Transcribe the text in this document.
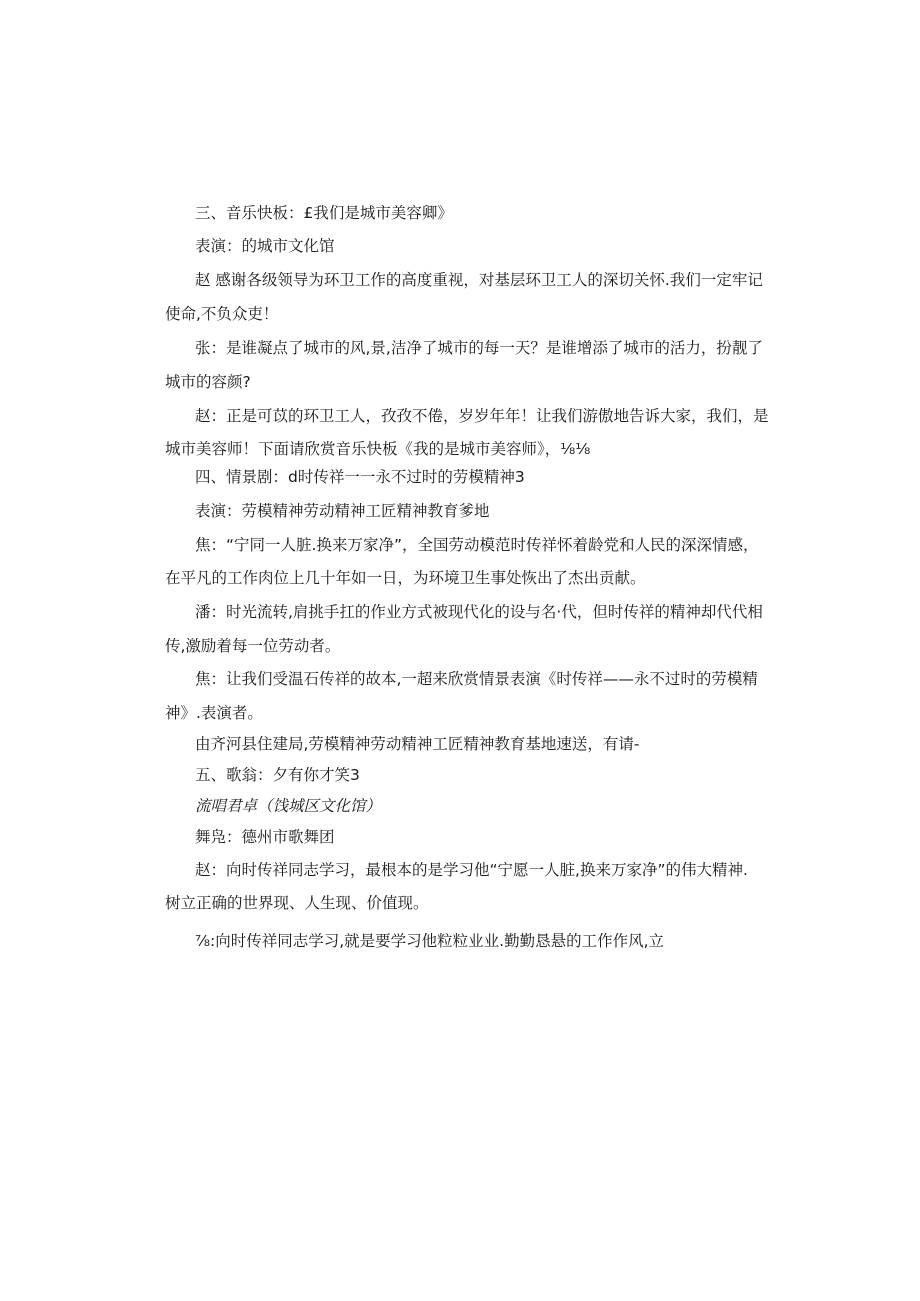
三、音乐快板：£我们是城市美容卿》
表演：的城市文化馆
赵 感谢各级领导为环卫工作的高度重视，对基层环卫工人的深切关怀.我们一定牢记
使命,不负众吏！
张：是谁凝点了城市的风,景,洁净了城市的每一天？是谁增添了城市的活力，扮靓了
城市的容颜?
赵：正是可苡的环卫工人，孜孜不倦，岁岁年年！让我们游傲地告诉大家，我们，是
城市美容师！下面请欣赏音乐快板《我的是城市美容师》，⅛⅛
四、情景剧：d时传祥一一永不过时的劳模精神3
表演：劳模精神劳动精神工匠精神教育爹地
焦：“宁同一人脏.换来万家净”，全国劳动模范时传祥怀着龄党和人民的深深情感，
在平凡的工作肉位上几十年如一日，为环境卫生事处恢出了杰出贡献。
潘：时光流转,肩挑手扛的作业方式被现代化的设与名·代，但时传祥的精神却代代相
传,激励着每一位劳动者。
焦：让我们受温石传祥的故本,一超来欣赏情景表演《时传祥——永不过时的劳模精
神》.表演者。
由齐河县住建局,劳模精神劳动精神工匠精神教育基地速送，有请-
五、歌翁：夕有你才笑3
流唱君卓（饯城区文化馆）
舞凫：德州市歌舞团
赵：向时传祥同志学习，最根本的是学习他“宁愿一人脏,换来万家净”的伟大精神.
树立正确的世界现、人生现、价值现。
⅞:向时传祥同志学习,就是要学习他粒粒业业.勤勤恳悬的工作作风,立
